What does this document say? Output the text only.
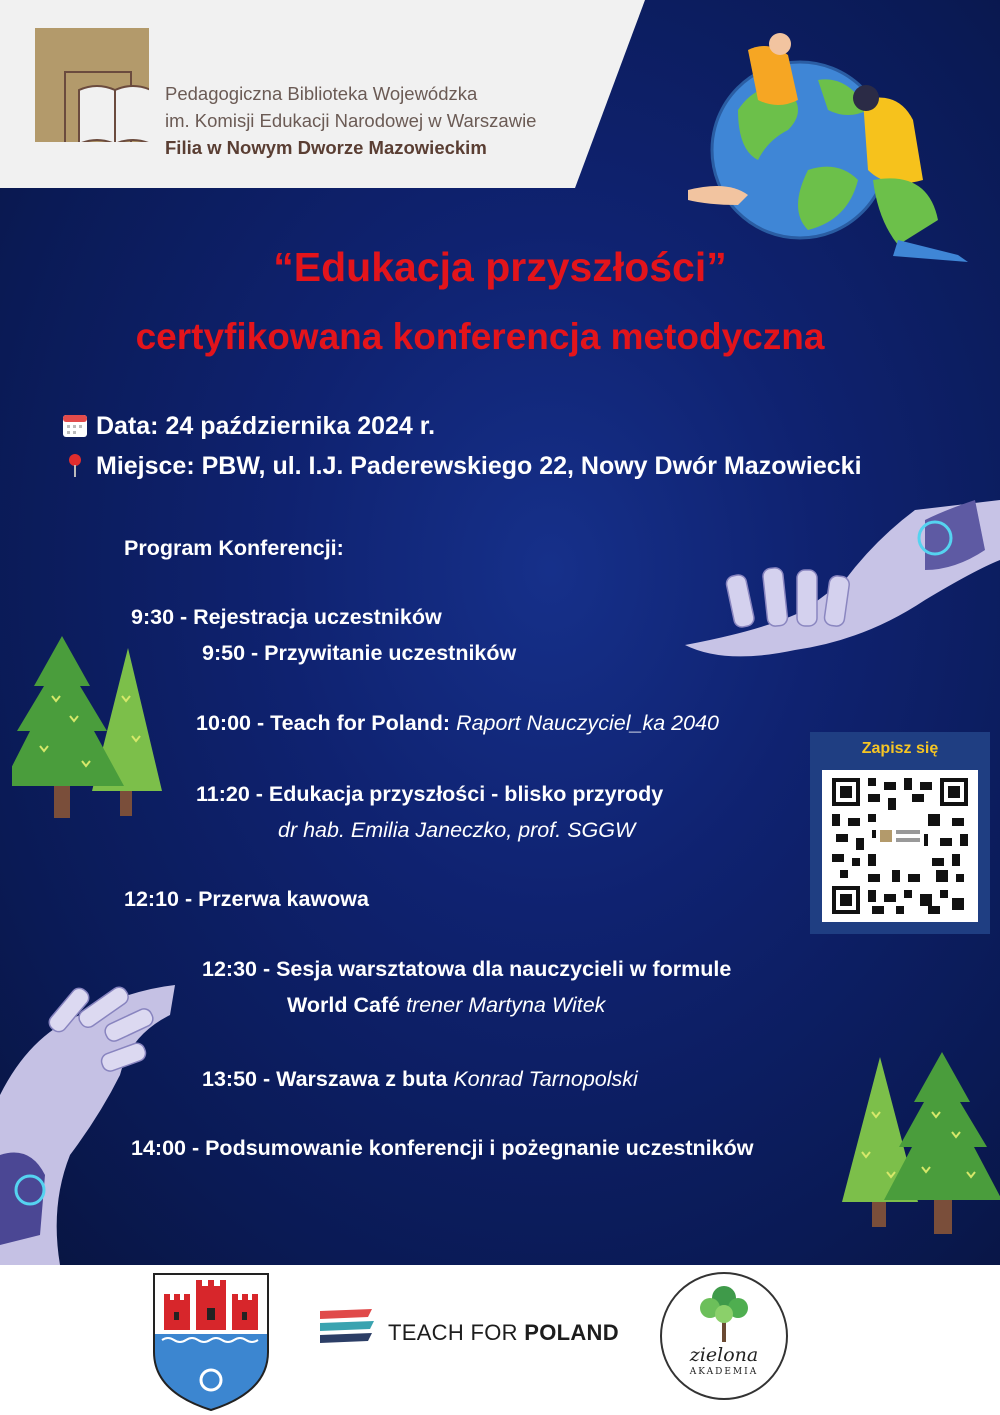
Pedagogiczna Biblioteka Wojewódzka
im. Komisji Edukacji Narodowej w Warszawie
Filia w Nowym Dworze Mazowieckim
“Edukacja przyszłości”
certyfikowana konferencja metodyczna
Data: 24 października 2024 r.
Miejsce: PBW, ul. I.J. Paderewskiego 22, Nowy Dwór Mazowiecki
Program Konferencji:
9:30 - Rejestracja uczestników
9:50 - Przywitanie uczestników
10:00 - Teach for Poland: Raport Nauczyciel_ka 2040
11:20 - Edukacja przyszłości - blisko przyrody
dr hab. Emilia Janeczko, prof. SGGW
12:10 - Przerwa kawowa
12:30 - Sesja warsztatowa dla nauczycieli w formule
World Café trener Martyna Witek
13:50 - Warszawa z buta Konrad Tarnopolski
14:00 - Podsumowanie konferencji i pożegnanie uczestników
Zapisz się
TEACH FOR POLAND
zielona
AKADEMIA
